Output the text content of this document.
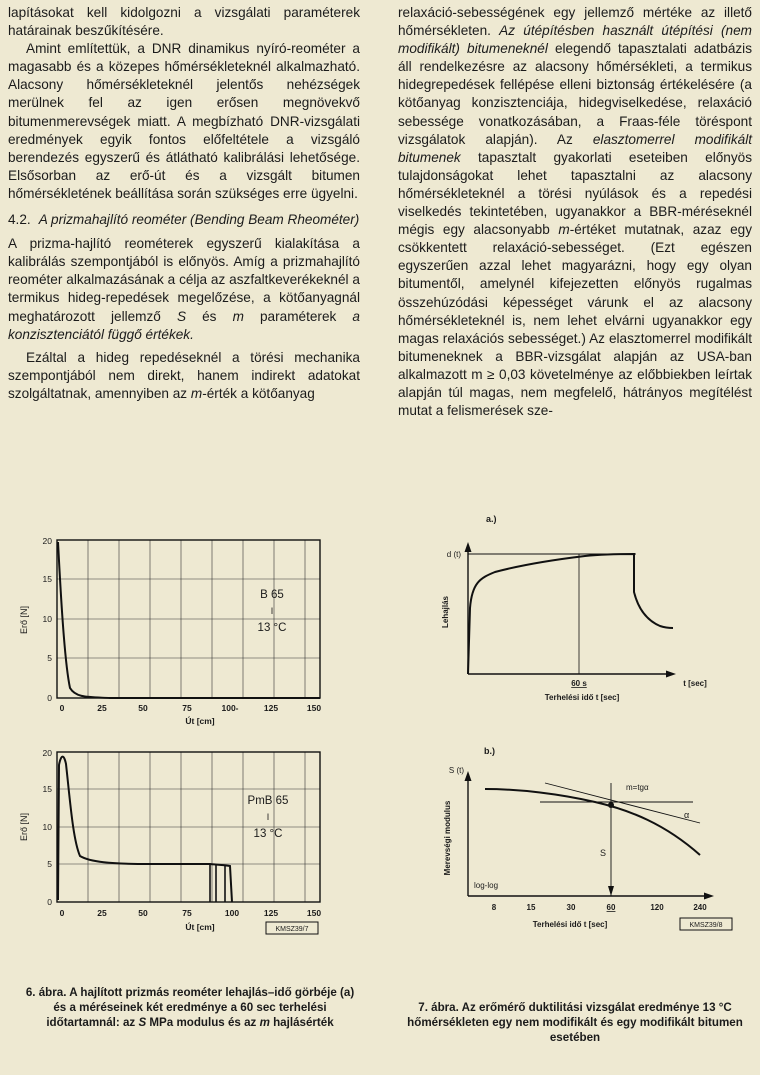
lapításokat kell kidolgozni a vizsgálati paraméterek határainak beszűkítésére.

Amint említettük, a DNR dinamikus nyíró-reométer a magasabb és a közepes hőmérsékleteknél alkalmazható. Alacsony hőmérsékleteknél jelentős nehézségek merülnek fel az igen erősen megnövekvő bitumenmerevségek miatt. A megbízható DNR-vizsgálati eredmények egyik fontos előfeltétele a vizsgáló berendezés egyszerű és átlátható kalibrálási lehetősége. Elsősorban az erő-út és a vizsgált bitumen hőmérsékletének beállítása során szükséges erre ügyelni.

4.2. A prizmahajlító reométer (Bending Beam Rheométer)

A prizma-hajlító reométerek egyszerű kialakítása a kalibrálás szempontjából is előnyös. Amíg a prizmahajlító reométer alkalmazásának a célja az aszfaltkeverékeknél a termikus hideg-repedések megelőzése, a kötőanyagnál meghatározott jellemző S és m paraméterek a konzisztenciától függő értékek.

Ezáltal a hideg repedéseknél a törési mechanika szempontjából nem direkt, hanem indirekt adatokat szolgáltatnak, amennyiben az m-érték a kötőanyag

relaxáció-sebességének egy jellemző mértéke az illető hőmérsékleten. Az útépítésben használt útépítési (nem modifikált) bitumeneknél elegendő tapasztalati adatbázis áll rendelkezésre az alacsony hőmérsékleti, a termikus hidegrepedések fellépése elleni biztonság értékelésére (a kötőanyag konzisztenciája, hidegviselkedése, relaxáció sebessége vonatkozásában, a Fraas-féle töréspont vizsgálatok alapján). Az elasztomerrel modifikált bitumenek tapasztalt gyakorlati eseteiben előnyös tulajdonságokat lehet tapasztalni az alacsony hőmérsékleteknél a törési nyúlások és a repedési viselkedés tekintetében, ugyanakkor a BBR-méréseknél mégis egy alacsonyabb m-értéket mutatnak, azaz egy csökkentett relaxáció-sebességet. (Ezt egészen egyszerűen azzal lehet magyarázni, hogy egy olyan bitumentől, amelynél kifejezetten előnyös rugalmas összehúzódási képességet várunk el az alacsony hőmérsékleteknél is, nem lehet elvárni ugyanakkor egy magas relaxációs sebességet.) Az elasztomerrel modifikált bitumeneknek a BBR-vizsgálat alapján az USA-ban alkalmazott m ≥ 0,03 követelménye az előbbiekben leírtak alapján túl magas, nem megfelelő, hátrányos megítélést mutat a felismerések sze-

Erő [N]
20
15
10
5
0
0	25	50	75	100-	125	150
Út [cm]
B 65
I
13 °C
Erő [N]
20
15
10
5
0
0	25	50	75	100	125	150
Út [cm]	KMSZ39/7
PmB 65
I
13 °C
a.)
d (t)
Lehajlás
60 s	t [sec]
Terhelési idő t [sec]
b.)
S (t)
Merevségi modulus
m=tgα
α
S
log-log
8	15	30	60	120	240
Terhelési idő t [sec]	KMSZ39/8
6. ábra. A hajlított prizmás reométer lehajlás–idő görbéje (a) és a méréseinek két eredménye a 60 sec terhelési időtartamnál: az S MPa modulus és az m hajlásérték
7. ábra. Az erőmérő duktilitási vizsgálat eredménye 13 °C hőmérsékleten egy nem modifikált és egy modifikált bitumen esetében
